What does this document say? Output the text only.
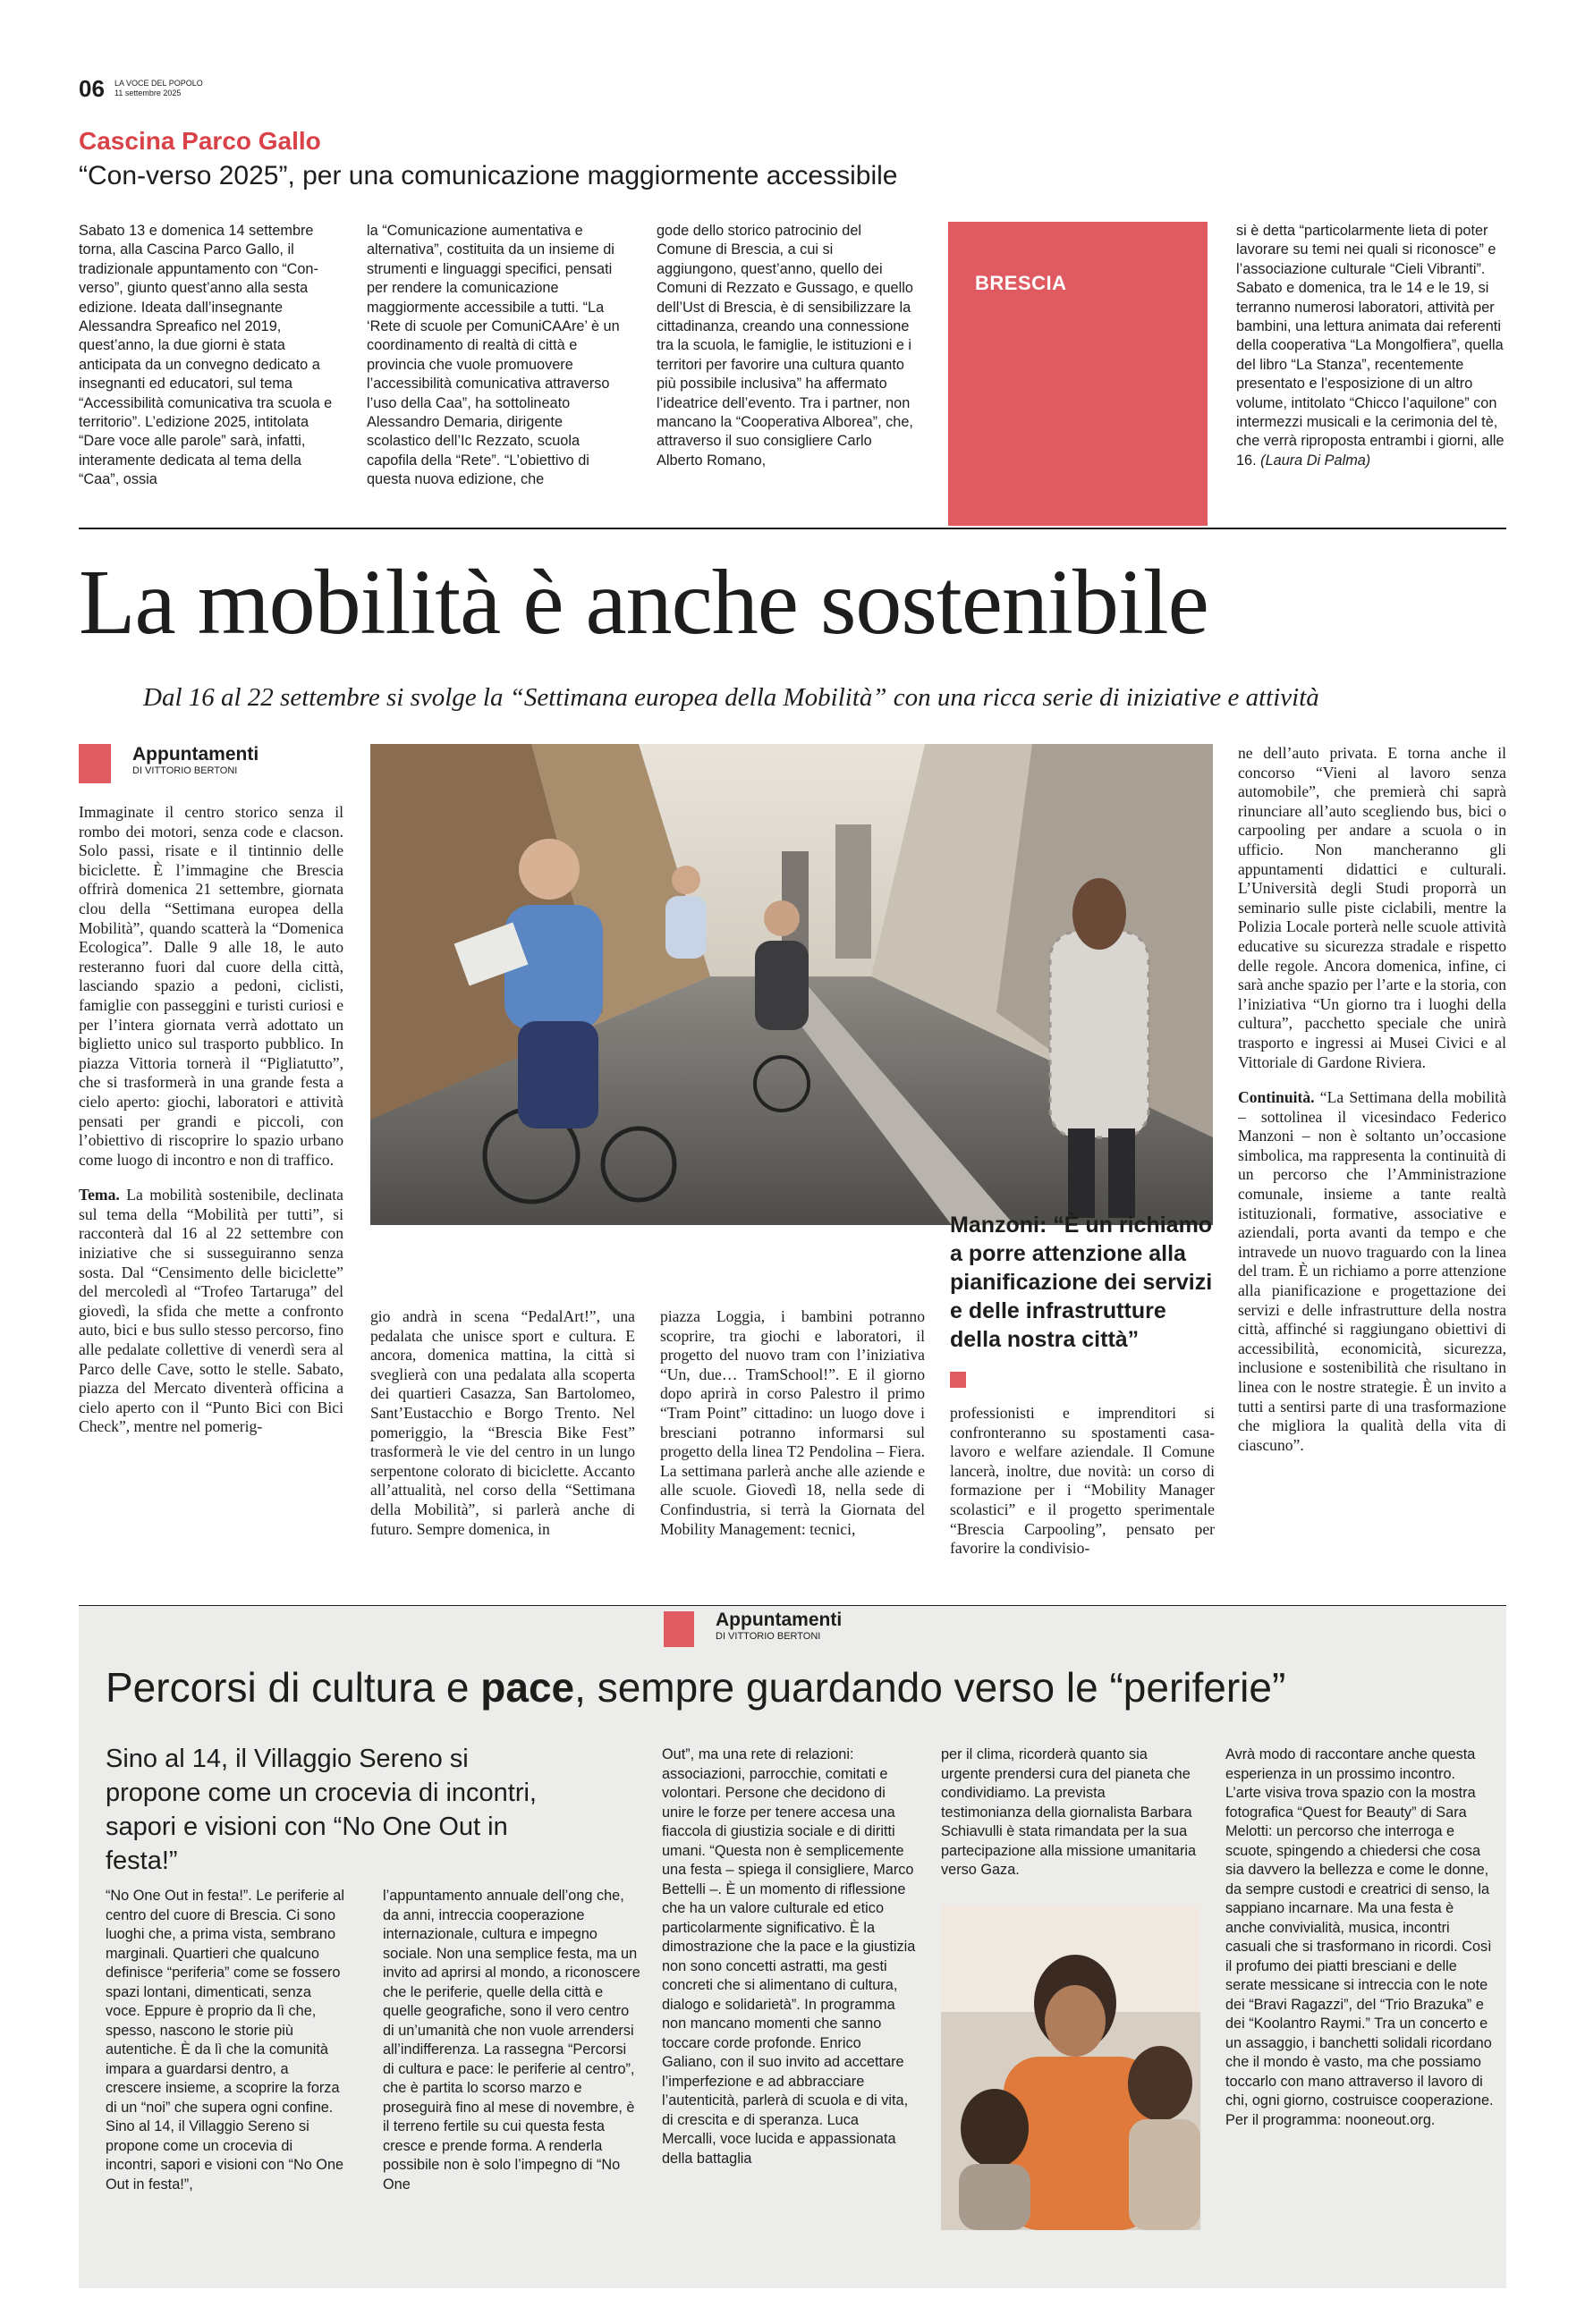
06 LA VOCE DEL POPOLO
11 settembre 2025
Cascina Parco Gallo
“Con-verso 2025”, per una comunicazione maggiormente accessibile

Sabato 13 e domenica 14 settembre torna, alla Cascina Parco Gallo, il tradizionale appuntamento con “Con-verso”, giunto quest’anno alla sesta edizione. Ideata dall’insegnante Alessandra Spreafico nel 2019, quest’anno, la due giorni è stata anticipata da un convegno dedicato a insegnanti ed educatori, sul tema “Accessibilità comunicativa tra scuola e territorio”. L’edizione 2025, intitolata “Dare voce alle parole” sarà, infatti, interamente dedicata al tema della “Caa”, ossia

la “Comunicazione aumentativa e alternativa”, costituita da un insieme di strumenti e linguaggi specifici, pensati per rendere la comunicazione maggiormente accessibile a tutti. “La ‘Rete di scuole per ComuniCAAre’ è un coordinamento di realtà di città e provincia che vuole promuovere l’accessibilità comunicativa attraverso l’uso della Caa”, ha sottolineato Alessandro Demaria, dirigente scolastico dell’Ic Rezzato, scuola capofila della “Rete”. “L’obiettivo di questa nuova edizione, che

gode dello storico patrocinio del Comune di Brescia, a cui si aggiungono, quest’anno, quello dei Comuni di Rezzato e Gussago, e quello dell’Ust di Brescia, è di sensibilizzare la cittadinanza, creando una connessione tra la scuola, le famiglie, le istituzioni e i territori per favorire una cultura quanto più possibile inclusiva” ha affermato l’ideatrice dell’evento. Tra i partner, non mancano la “Cooperativa Alborea”, che, attraverso il suo consigliere Carlo Alberto Romano,

BRESCIA

si è detta “particolarmente lieta di poter lavorare su temi nei quali si riconosce” e l’associazione culturale “Cieli Vibranti”. Sabato e domenica, tra le 14 e le 19, si terranno numerosi laboratori, attività per bambini, una lettura animata dai referenti della cooperativa “La Mongolfiera”, quella del libro “La Stanza”, recentemente presentato e l’esposizione di un altro volume, intitolato “Chicco l’aquilone” con intermezzi musicali e la cerimonia del tè, che verrà riproposta entrambi i giorni, alle 16. (Laura Di Palma)

La mobilità è anche sostenibile
Dal 16 al 22 settembre si svolge la “Settimana europea della Mobilità” con una ricca serie di iniziative e attività
Appuntamenti
DI VITTORIO BERTONI

Immaginate il centro storico senza il rombo dei motori, senza code e clacson. Solo passi, risate e il tintinnio delle biciclette. È l’immagine che Brescia offrirà domenica 21 settembre, giornata clou della “Settimana europea della Mobilità”, quando scatterà la “Domenica Ecologica”. Dalle 9 alle 18, le auto resteranno fuori dal cuore della città, lasciando spazio a pedoni, ciclisti, famiglie con passeggini e turisti curiosi e per l’intera giornata verrà adottato un biglietto unico sul trasporto pubblico. In piazza Vittoria tornerà il “Pigliatutto”, che si trasformerà in una grande festa a cielo aperto: giochi, laboratori e attività pensati per grandi e piccoli, con l’obiettivo di riscoprire lo spazio urbano come luogo di incontro e non di traffico.

Tema. La mobilità sostenibile, declinata sul tema della “Mobilità per tutti”, si racconterà dal 16 al 22 settembre con iniziative che si susseguiranno senza sosta. Dal “Censimento delle biciclette” del mercoledì al “Trofeo Tartaruga” del giovedì, la sfida che mette a confronto auto, bici e bus sullo stesso percorso, fino alle pedalate collettive di venerdì sera al Parco delle Cave, sotto le stelle. Sabato, piazza del Mercato diventerà officina a cielo aperto con il “Punto Bici con Bici Check”, mentre nel pomerig-

gio andrà in scena “PedalArt!”, una pedalata che unisce sport e cultura. E ancora, domenica mattina, la città si sveglierà con una pedalata alla scoperta dei quartieri Casazza, San Bartolomeo, Sant’Eustacchio e Borgo Trento. Nel pomeriggio, la “Brescia Bike Fest” trasformerà le vie del centro in un lungo serpentone colorato di biciclette. Accanto all’attualità, nel corso della “Settimana della Mobilità”, si parlerà anche di futuro. Sempre domenica, in

piazza Loggia, i bambini potranno scoprire, tra giochi e laboratori, il progetto del nuovo tram con l’iniziativa “Un, due… TramSchool!”. E il giorno dopo aprirà in corso Palestro il primo “Tram Point” cittadino: un luogo dove i bresciani potranno informarsi sul progetto della linea T2 Pendolina – Fiera. La settimana parlerà anche alle aziende e alle scuole. Giovedì 18, nella sede di Confindustria, si terrà la Giornata del Mobility Management: tecnici,

Manzoni: “È un richiamo a porre attenzione alla pianificazione dei servizi e delle infrastrutture della nostra città”

professionisti e imprenditori si confronteranno su spostamenti casa-lavoro e welfare aziendale. Il Comune lancerà, inoltre, due novità: un corso di formazione per i “Mobility Manager scolastici” e il progetto sperimentale “Brescia Carpooling”, pensato per favorire la condivisio-

ne dell’auto privata. E torna anche il concorso “Vieni al lavoro senza automobile”, che premierà chi saprà rinunciare all’auto scegliendo bus, bici o carpooling per andare a scuola o in ufficio. Non mancheranno gli appuntamenti didattici e culturali. L’Università degli Studi proporrà un seminario sulle piste ciclabili, mentre la Polizia Locale porterà nelle scuole attività educative su sicurezza stradale e rispetto delle regole. Ancora domenica, infine, ci sarà anche spazio per l’arte e la storia, con l’iniziativa “Un giorno tra i luoghi della cultura”, pacchetto speciale che unirà trasporto e ingressi ai Musei Civici e al Vittoriale di Gardone Riviera.

Continuità. “La Settimana della mobilità – sottolinea il vicesindaco Federico Manzoni – non è soltanto un’occasione simbolica, ma rappresenta la continuità di un percorso che l’Amministrazione comunale, insieme a tante realtà istituzionali, formative, associative e aziendali, porta avanti da tempo e che intravede un nuovo traguardo con la linea del tram. È un richiamo a porre attenzione alla pianificazione e progettazione dei servizi e delle infrastrutture della nostra città, affinché si raggiungano obiettivi di accessibilità, economicità, sicurezza, inclusione e sostenibilità che risultano in linea con le nostre strategie. È un invito a tutti a sentirsi parte di una trasformazione che migliora la qualità della vita di ciascuno”.

Appuntamenti
DI VITTORIO BERTONI
Percorsi di cultura e pace, sempre guardando verso le “periferie”
Sino al 14, il Villaggio Sereno si propone come un crocevia di incontri, sapori e visioni con “No One Out in festa!”

“No One Out in festa!”. Le periferie al centro del cuore di Brescia. Ci sono luoghi che, a prima vista, sembrano marginali. Quartieri che qualcuno definisce “periferia” come se fossero spazi lontani, dimenticati, senza voce. Eppure è proprio da lì che, spesso, nascono le storie più autentiche. È da lì che la comunità impara a guardarsi dentro, a crescere insieme, a scoprire la forza di un “noi” che supera ogni confine. Sino al 14, il Villaggio Sereno si propone come un crocevia di incontri, sapori e visioni con “No One Out in festa!”,

l’appuntamento annuale dell’ong che, da anni, intreccia cooperazione internazionale, cultura e impegno sociale. Non una semplice festa, ma un invito ad aprirsi al mondo, a riconoscere che le periferie, quelle della città e quelle geografiche, sono il vero centro di un’umanità che non vuole arrendersi all’indifferenza. La rassegna “Percorsi di cultura e pace: le periferie al centro”, che è partita lo scorso marzo e proseguirà fino al mese di novembre, è il terreno fertile su cui questa festa cresce e prende forma. A renderla possibile non è solo l’impegno di “No One

Out”, ma una rete di relazioni: associazioni, parrocchie, comitati e volontari. Persone che decidono di unire le forze per tenere accesa una fiaccola di giustizia sociale e di diritti umani. “Questa non è semplicemente una festa – spiega il consigliere, Marco Bettelli –. È un momento di riflessione che ha un valore culturale ed etico particolarmente significativo. È la dimostrazione che la pace e la giustizia non sono concetti astratti, ma gesti concreti che si alimentano di cultura, dialogo e solidarietà”. In programma non mancano momenti che sanno toccare corde profonde. Enrico Galiano, con il suo invito ad accettare l’imperfezione e ad abbracciare l’autenticità, parlerà di scuola e di vita, di crescita e di speranza. Luca Mercalli, voce lucida e appassionata della battaglia

per il clima, ricorderà quanto sia urgente prendersi cura del pianeta che condividiamo. La prevista testimonianza della giornalista Barbara Schiavulli è stata rimandata per la sua partecipazione alla missione umanitaria verso Gaza.

Avrà modo di raccontare anche questa esperienza in un prossimo incontro. L’arte visiva trova spazio con la mostra fotografica “Quest for Beauty” di Sara Melotti: un percorso che interroga e scuote, spingendo a chiedersi che cosa sia davvero la bellezza e come le donne, da sempre custodi e creatrici di senso, la sappiano incarnare. Ma una festa è anche convivialità, musica, incontri casuali che si trasformano in ricordi. Così il profumo dei piatti bresciani e delle serate messicane si intreccia con le note dei “Bravi Ragazzi”, del “Trio Brazuka” e dei “Koolantro Raymi.” Tra un concerto e un assaggio, i banchetti solidali ricordano che il mondo è vasto, ma che possiamo toccarlo con mano attraverso il lavoro di chi, ogni giorno, costruisce cooperazione. Per il programma: nooneout.org.
